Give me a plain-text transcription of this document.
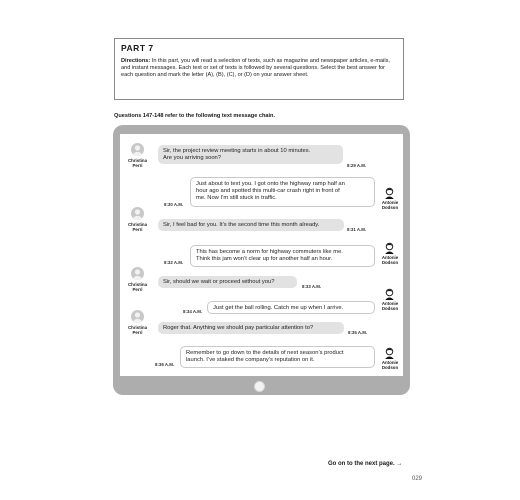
PART 7

Directions: In this part, you will read a selection of texts, such as magazine and newspaper articles, e-mails, and instant messages. Each text or set of texts is followed by several questions. Select the best answer for each question and mark the letter (A), (B), (C), or (D) on your answer sheet.

Questions 147-148 refer to the following text message chain.
Christina
Perri
Sir, the project review meeting starts in about 10 minutes.
Are you arriving soon?
8:29 A.M.
Just about to text you. I got onto the highway ramp half an
hour ago and spotted this multi-car crash right in front of
me. Now I’m still stuck in traffic.
8:30 A.M.	Antonie
Dodson
Christina
Perri
Sir, I feel bad for you. It’s the second time this month already.
8:31 A.M.
This has become a norm for highway commuters like me.
Think this jam won’t clear up for another half an hour.
8:32 A.M.
Antonie
Dodson
Christina
Perri
Sir, should we wait or proceed without you?
8:33 A.M.
Just get the ball rolling. Catch me up when I arrive.
8:34 A.M.
Antonie
Dodson
Christina
Perri
Roger that. Anything we should pay particular attention to?
8:35 A.M.
Remember to go down to the details of next season’s product
launch. I’ve staked the company’s reputation on it.
8:36 A.M.	Antonie
Dodson
Go on to the next page. →
029
